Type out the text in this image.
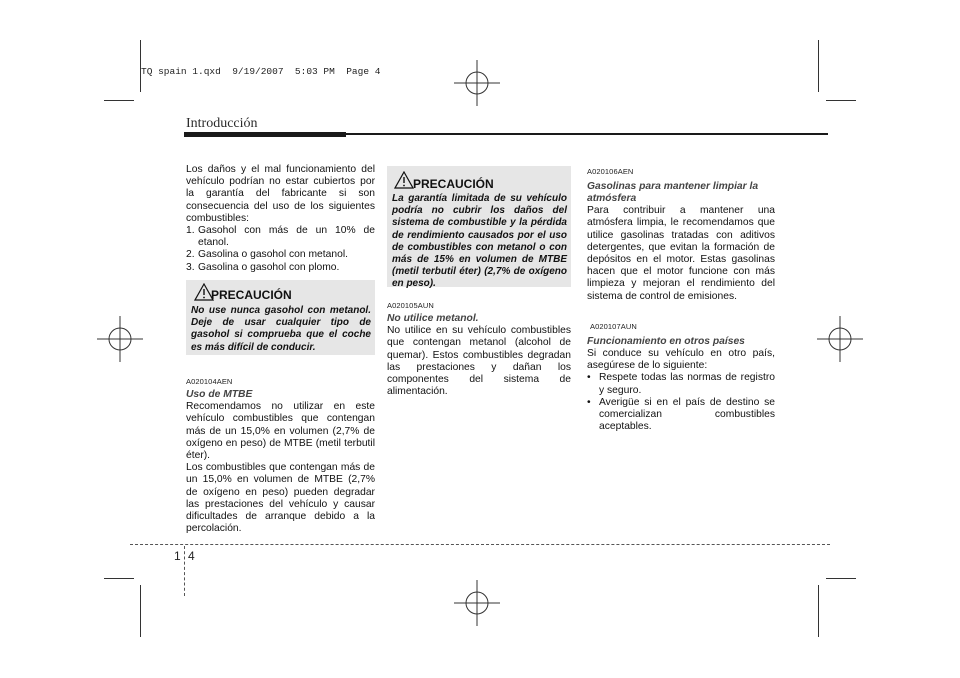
TQ spain 1.qxd  9/19/2007  5:03 PM  Page 4
Introducción

Los daños y el mal funcionamiento del vehículo podrían no estar cubiertos por la garantía del fabricante si son consecuencia del uso de los siguientes combustibles:

1. Gasohol con más de un 10% de etanol.
2. Gasolina o gasohol con metanol.
3. Gasolina o gasohol con plomo.
PRECAUCIÓN
No use nunca gasohol con metanol. Deje de usar cualquier tipo de gasohol si comprueba que el coche es más difícil de conducir.
A020104AEN
Uso de MTBE

Recomendamos no utilizar en este vehículo combustibles que contengan más de un 15,0% en volumen (2,7% de oxígeno en peso) de MTBE (metil terbutil éter).

Los combustibles que contengan más de un 15,0% en volumen de MTBE (2,7% de oxígeno en peso) pueden degradar las prestaciones del vehículo y causar dificultades de arranque debido a la percolación.

PRECAUCIÓN
La garantía limitada de su vehículo podría no cubrir los daños del sistema de combustible y la pérdida de rendimiento causados por el uso de combustibles con metanol o con más de 15% en volumen de MTBE (metil terbutil éter) (2,7% de oxígeno en peso).
A020105AUN
No utilice metanol.

No utilice en su vehículo combustibles que contengan metanol (alcohol de quemar). Estos combustibles degradan las prestaciones y dañan los componentes del sistema de alimentación.

A020106AEN
Gasolinas para mantener limpiar la atmósfera

Para contribuir a mantener una atmósfera limpia, le recomendamos que utilice gasolinas tratadas con aditivos detergentes, que evitan la formación de depósitos en el motor. Estas gasolinas hacen que el motor funcione con más limpieza y mejoran el rendimiento del sistema de control de emisiones.

A020107AUN
Funcionamiento en otros países

Si conduce su vehículo en otro país, asegúrese de lo siguiente:

• Respete todas las normas de registro y seguro.
• Averigüe si en el país de destino se comercializan combustibles aceptables.
1 4
